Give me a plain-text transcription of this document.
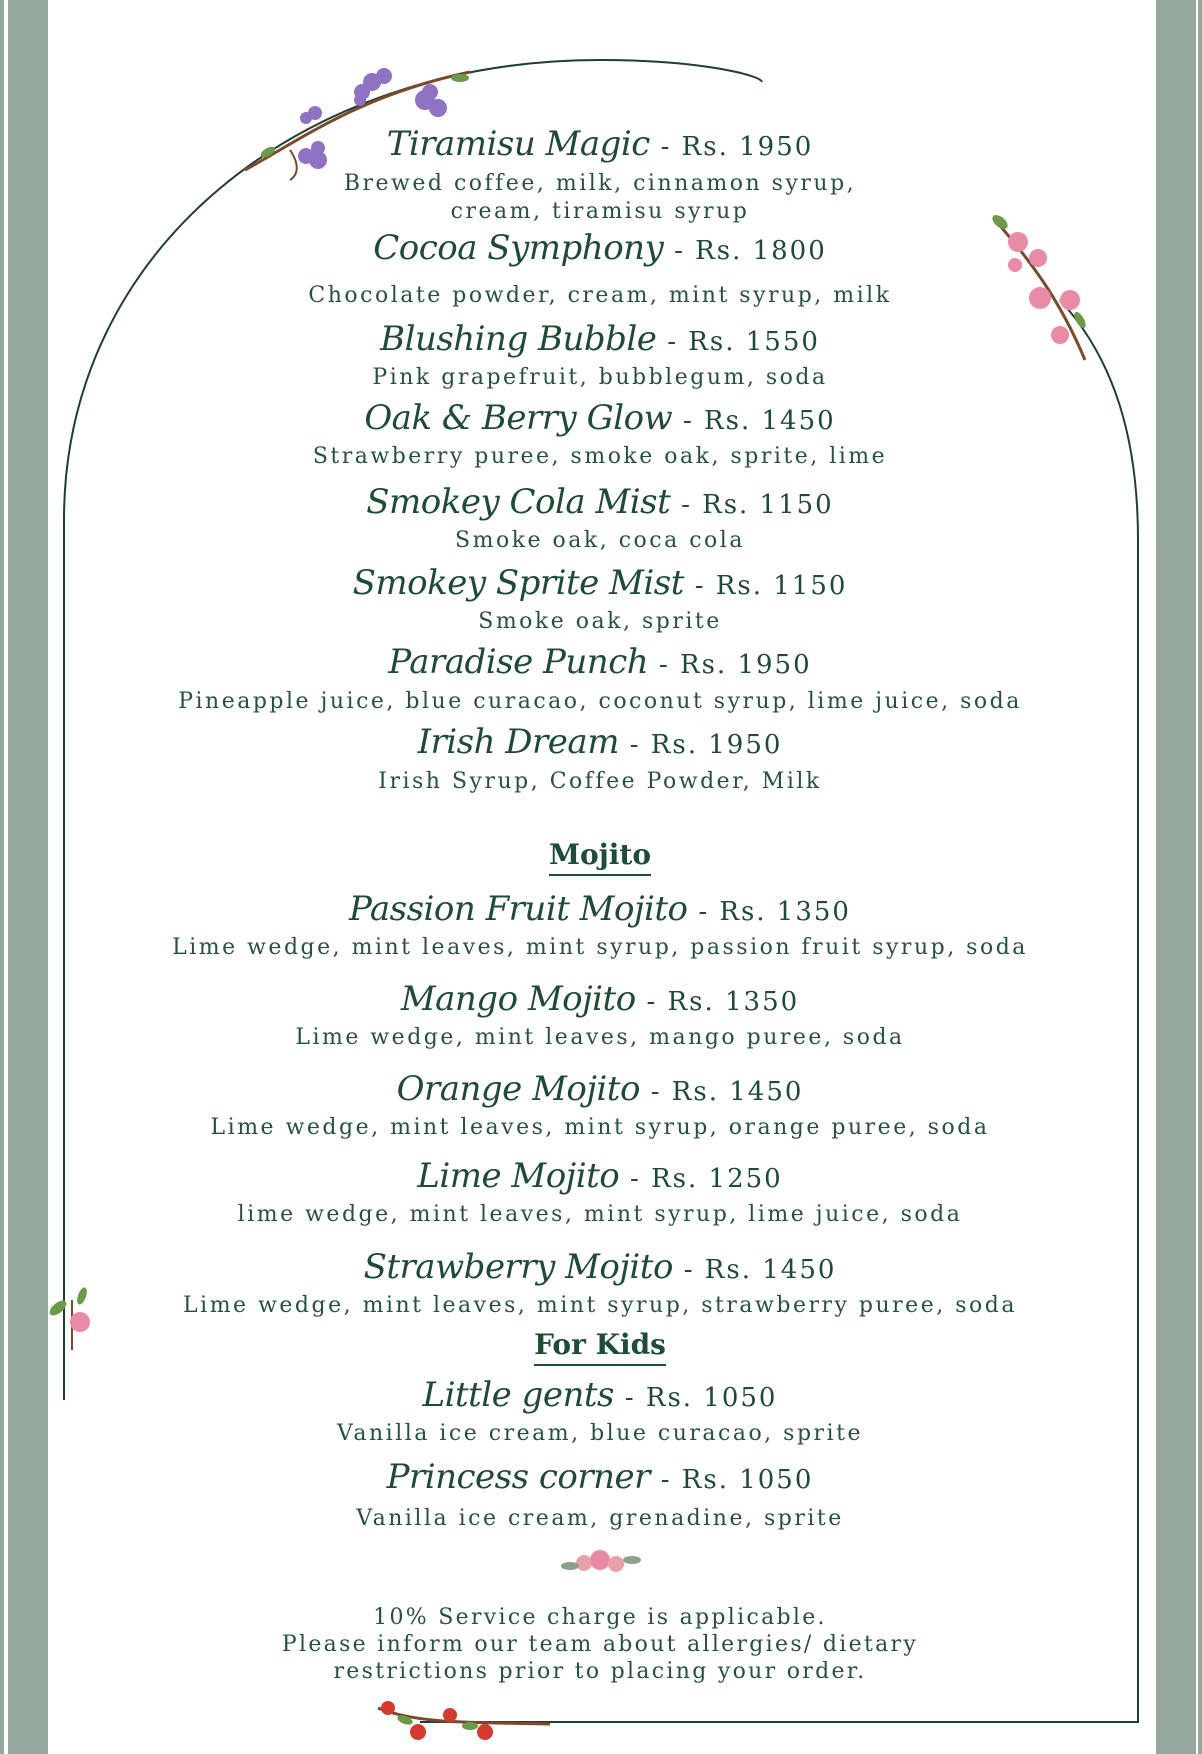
Tiramisu Magic - Rs. 1950
Brewed coffee, milk, cinnamon syrup,
cream, tiramisu syrup
Cocoa Symphony - Rs. 1800
Chocolate powder, cream, mint syrup, milk
Blushing Bubble - Rs. 1550
Pink grapefruit, bubblegum, soda
Oak & Berry Glow - Rs. 1450
Strawberry puree, smoke oak, sprite, lime
Smokey Cola Mist - Rs. 1150
Smoke oak, coca cola
Smokey Sprite Mist - Rs. 1150
Smoke oak, sprite
Paradise Punch - Rs. 1950
Pineapple juice, blue curacao, coconut syrup, lime juice, soda
Irish Dream - Rs. 1950
Irish Syrup, Coffee Powder, Milk
Mojito
Passion Fruit Mojito - Rs. 1350
Lime wedge, mint leaves, mint syrup, passion fruit syrup, soda
Mango Mojito - Rs. 1350
Lime wedge, mint leaves, mango puree, soda
Orange Mojito - Rs. 1450
Lime wedge, mint leaves, mint syrup, orange puree, soda
Lime Mojito - Rs. 1250
lime wedge, mint leaves, mint syrup, lime juice, soda
Strawberry Mojito - Rs. 1450
Lime wedge, mint leaves, mint syrup, strawberry puree, soda
For Kids
Little gents - Rs. 1050
Vanilla ice cream, blue curacao, sprite
Princess corner - Rs. 1050
Vanilla ice cream, grenadine, sprite
10% Service charge is applicable.
Please inform our team about allergies/ dietary
restrictions prior to placing your order.
